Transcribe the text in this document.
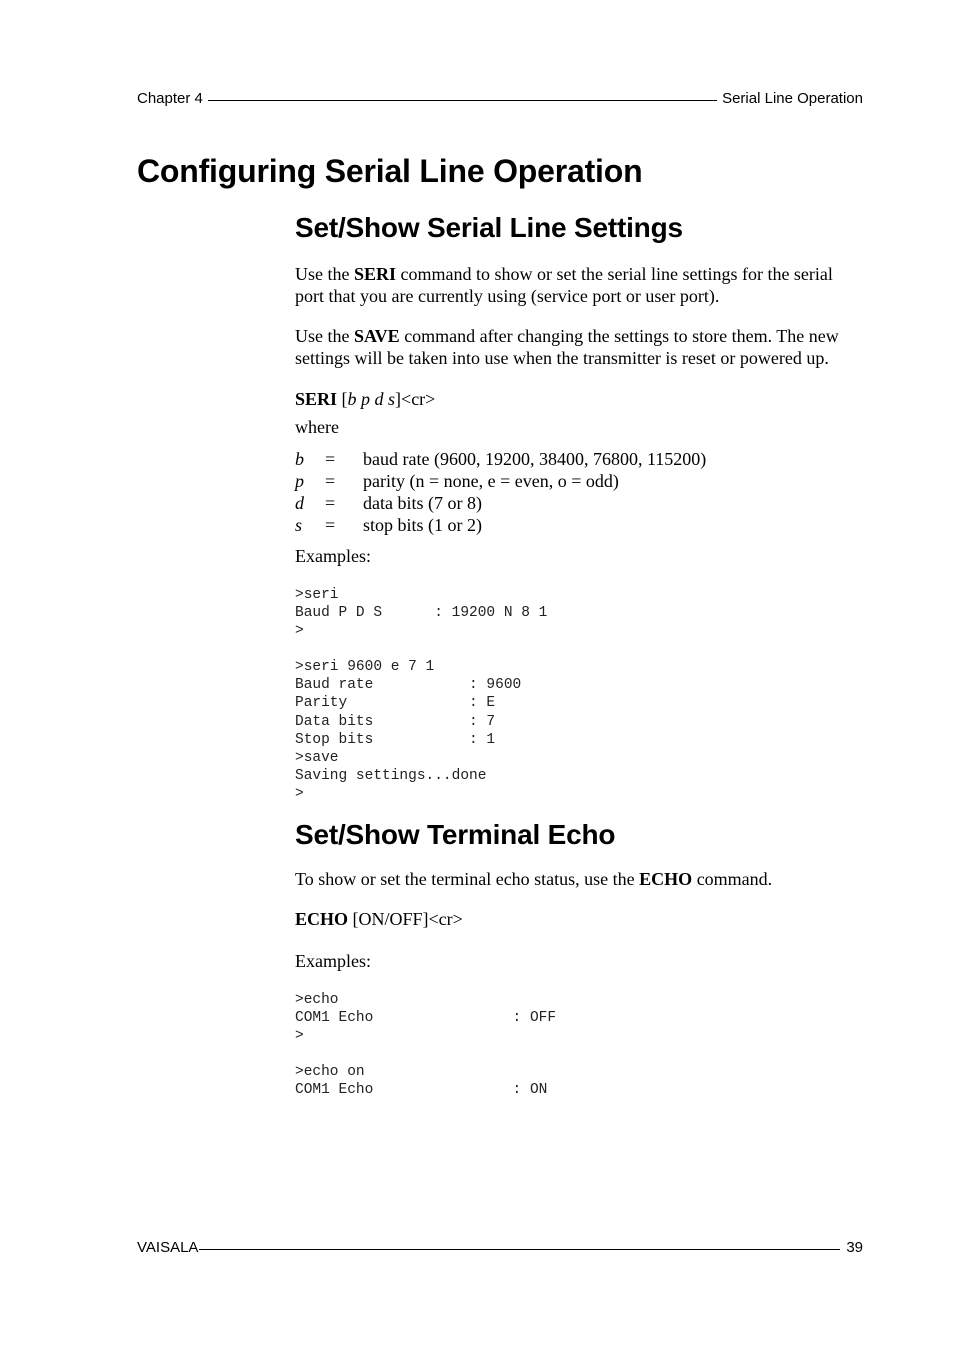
Chapter 4	Serial Line Operation
Configuring Serial Line Operation
Set/Show Serial Line Settings

Use the SERI command to show or set the serial line settings for the serial port that you are currently using (service port or user port).

Use the SAVE command after changing the settings to store them. The new settings will be taken into use when the transmitter is reset or powered up.

SERI [b p d s]<cr>

where

b	=	baud rate (9600, 19200, 38400, 76800, 115200)
p	=	parity (n = none, e = even, o = odd)
d	=	data bits (7 or 8)
s	=	stop bits (1 or 2)

Examples:

>seri
Baud P D S      : 19200 N 8 1
>
>seri 9600 e 7 1
Baud rate           : 9600
Parity              : E
Data bits           : 7
Stop bits           : 1
>save
Saving settings...done
>
Set/Show Terminal Echo

To show or set the terminal echo status, use the ECHO command.

ECHO [ON/OFF]<cr>

Examples:

>echo
COM1 Echo                : OFF
>
>echo on
COM1 Echo                : ON
VAISALA	39
